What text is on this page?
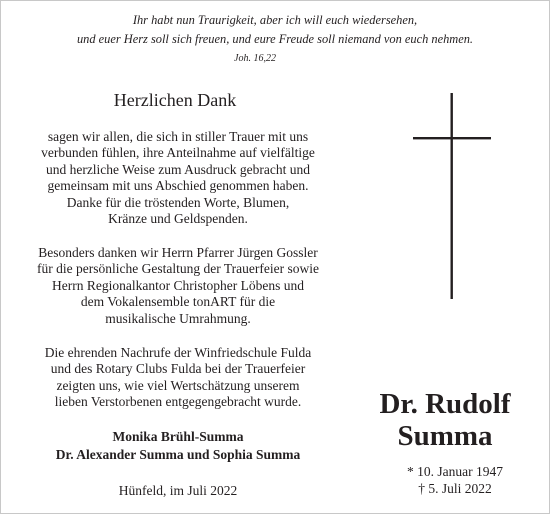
Ihr habt nun Traurigkeit, aber ich will euch wiedersehen,
und euer Herz soll sich freuen, und eure Freude soll niemand von euch nehmen.
Joh. 16,22
Herzlichen Dank
sagen wir allen, die sich in stiller Trauer mit uns
verbunden fühlen, ihre Anteilnahme auf vielfältige
und herzliche Weise zum Ausdruck gebracht und
gemeinsam mit uns Abschied genommen haben.
Danke für die tröstenden Worte, Blumen,
Kränze und Geldspenden.
Besonders danken wir Herrn Pfarrer Jürgen Gossler
für die persönliche Gestaltung der Trauerfeier sowie
Herrn Regionalkantor Christopher Löbens und
dem Vokalensemble tonART für die
musikalische Umrahmung.
Die ehrenden Nachrufe der Winfriedschule Fulda
und des Rotary Clubs Fulda bei der Trauerfeier
zeigten uns, wie viel Wertschätzung unserem
lieben Verstorbenen entgegengebracht wurde.
Monika Brühl-Summa
Dr. Alexander Summa und Sophia Summa
Hünfeld, im Juli 2022
Dr. Rudolf
Summa
* 10. Januar 1947
† 5. Juli 2022
